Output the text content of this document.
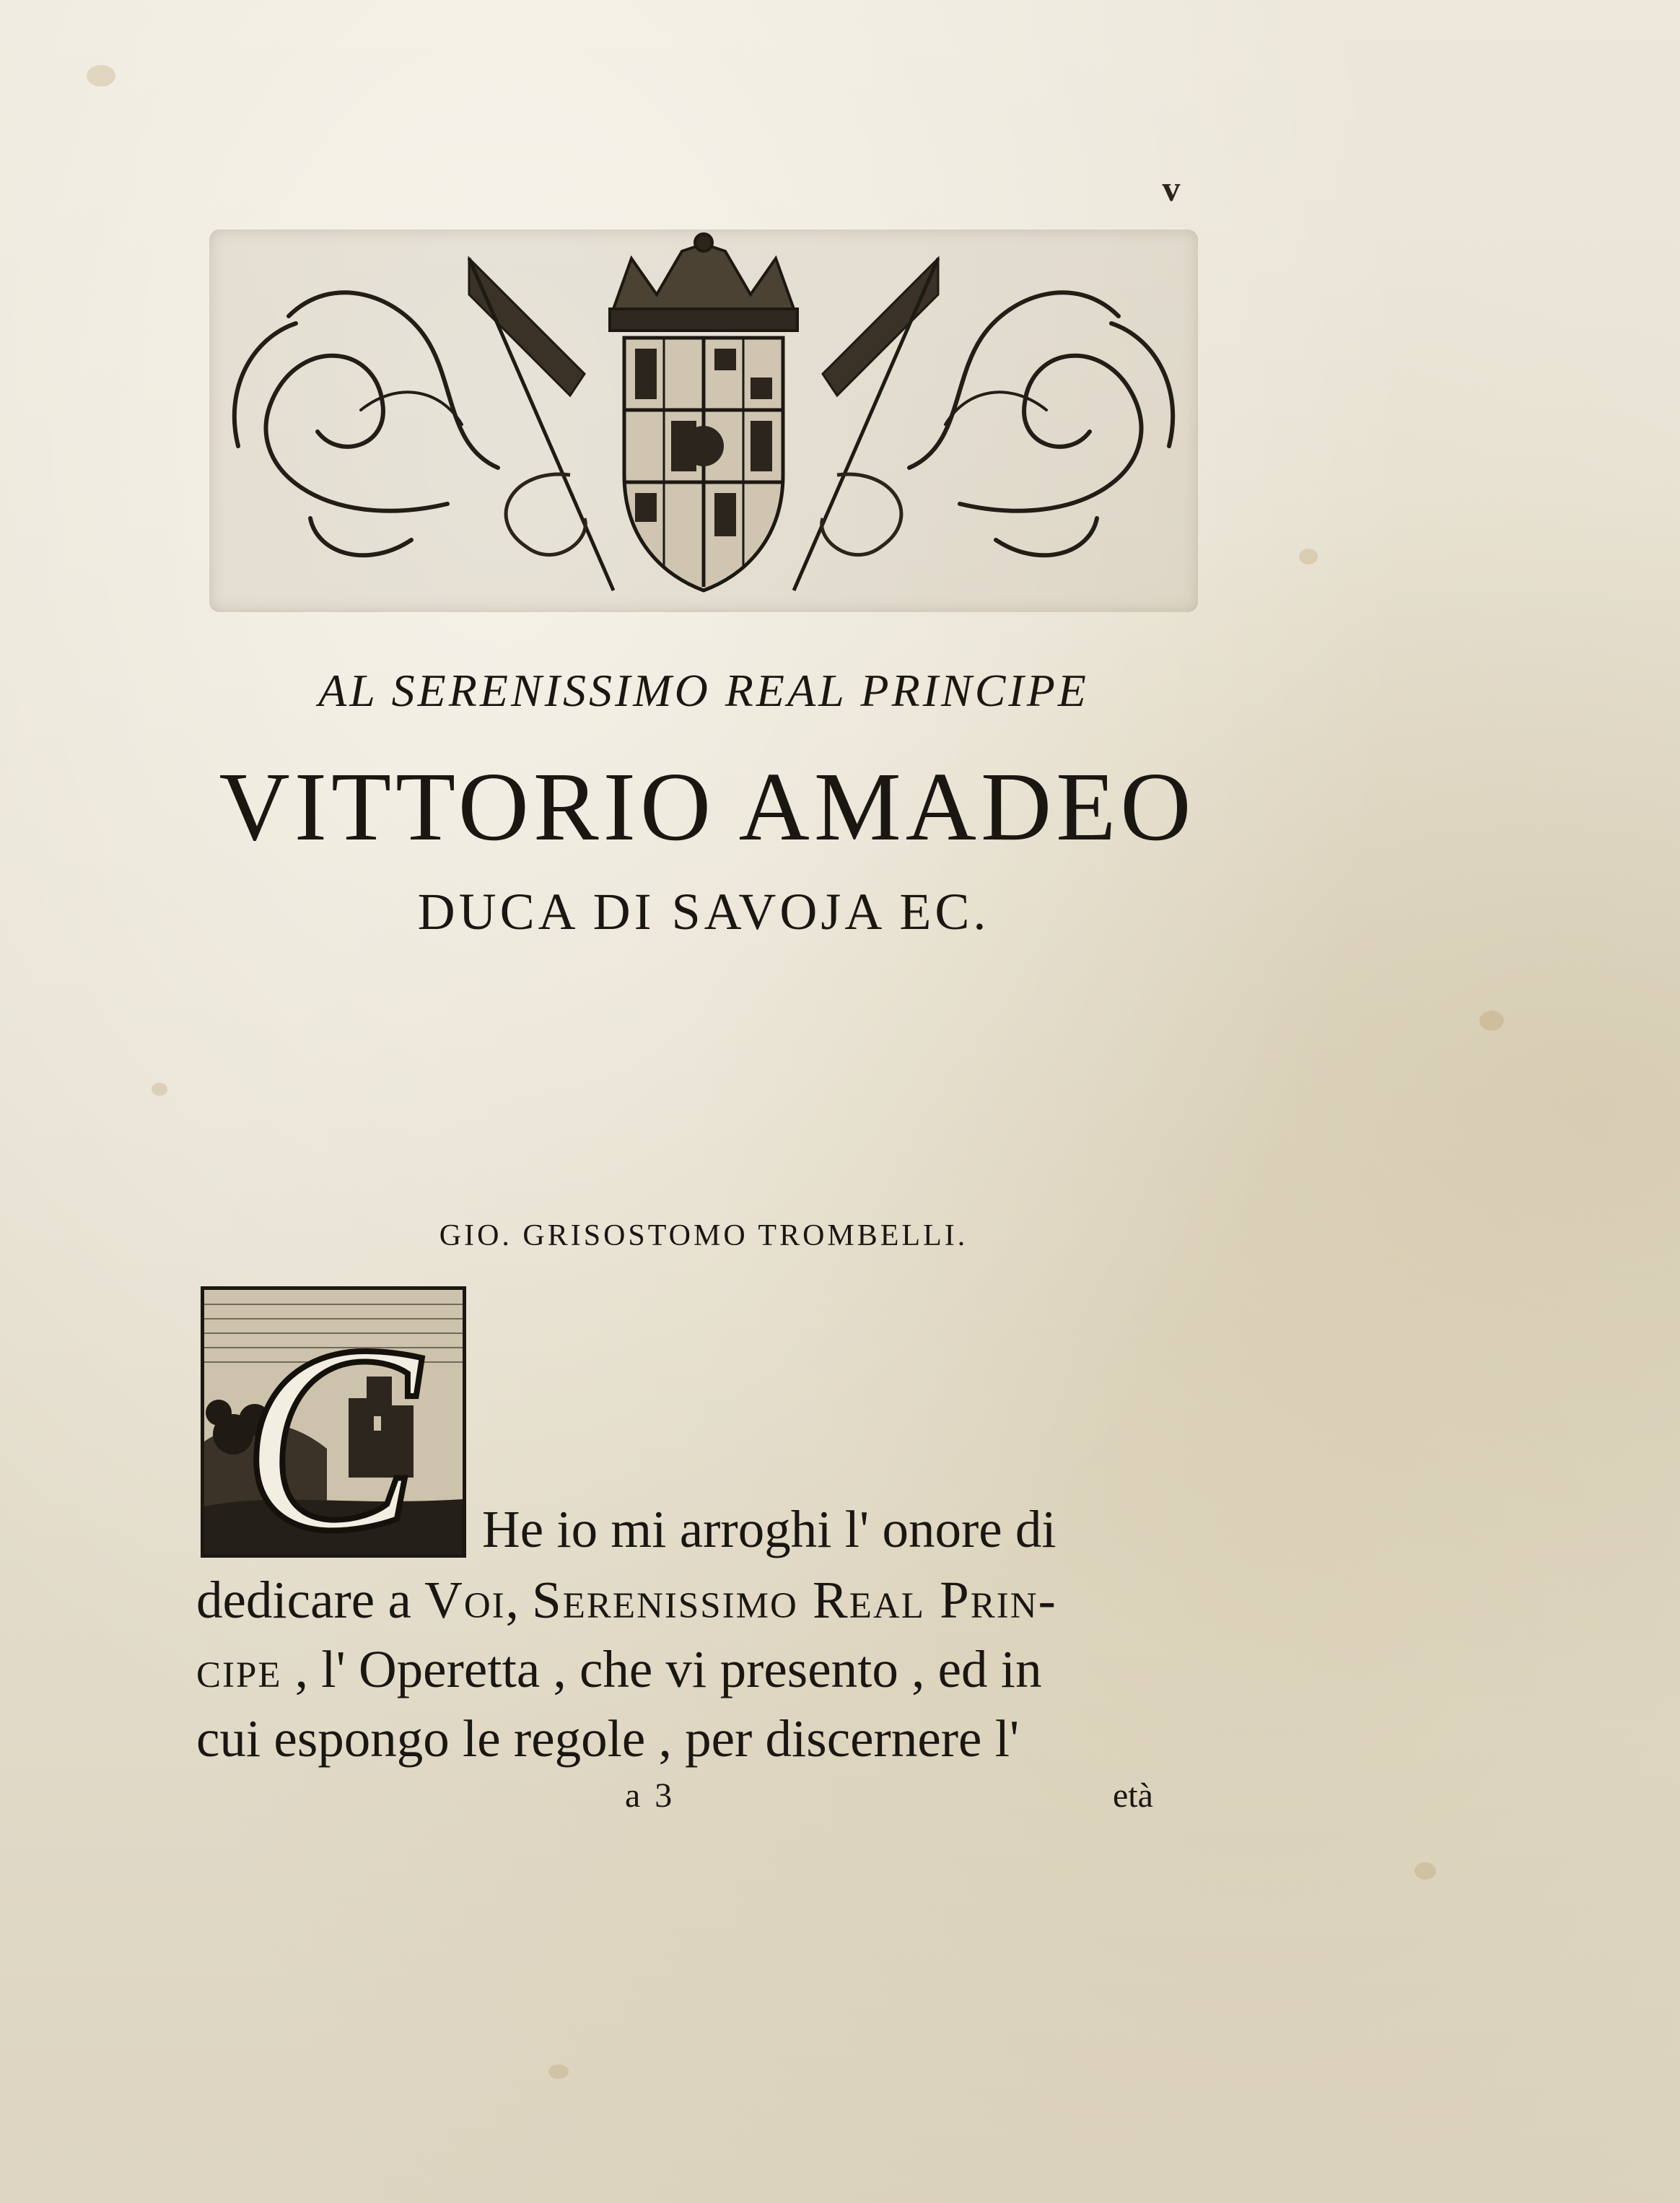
v
AL SERENISSIMO REAL PRINCIPE
VITTORIO AMADEO
DUCA DI SAVOJA EC.
GIO. GRISOSTOMO TROMBELLI.
C He io mi arroghi l' onore di
dedicare a Voi, Serenissimo Real Prin-
cipe , l' Operetta , che vi presento , ed in
cui espongo le regole , per discernere l'
a 3	età
